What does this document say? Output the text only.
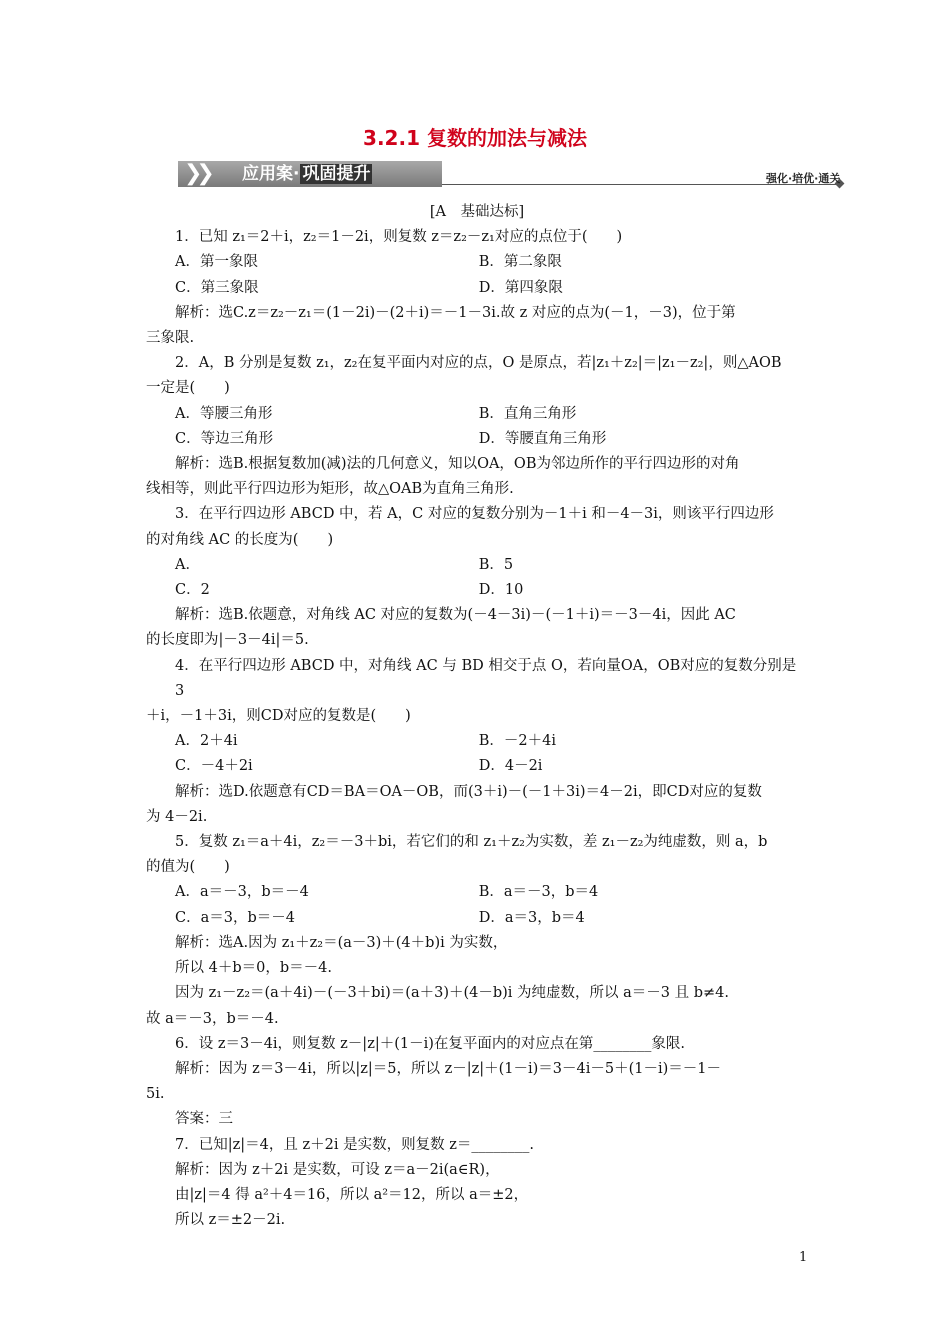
3.2.1 复数的加法与减法
❯❯ 应用案· 巩固提升	强化·培优·通关

[A　基础达标]

1．已知 z₁＝2＋i，z₂＝1－2i，则复数 z＝z₂－z₁对应的点位于(　　)

A．第一象限	B．第二象限
C．第三象限	D．第四象限

解析：选C.z＝z₂－z₁＝(1－2i)－(2＋i)＝－1－3i.故 z 对应的点为(－1，－3)，位于第

三象限.

2．A，B 分别是复数 z₁，z₂在复平面内对应的点，O 是原点，若|z₁＋z₂|＝|z₁－z₂|，则△AOB

一定是(　　)

A．等腰三角形	B．直角三角形
C．等边三角形	D．等腰直角三角形

解析：选B.根据复数加(减)法的几何意义，知以OA，OB为邻边所作的平行四边形的对角

线相等，则此平行四边形为矩形，故△OAB为直角三角形.

3．在平行四边形 ABCD 中，若 A，C 对应的复数分别为－1＋i 和－4－3i，则该平行四边形

的对角线 AC 的长度为(　　)

A．	B．5
C．2	D．10

解析：选B.依题意，对角线 AC 对应的复数为(－4－3i)－(－1＋i)＝－3－4i，因此 AC

的长度即为|－3－4i|＝5.

4．在平行四边形 ABCD 中，对角线 AC 与 BD 相交于点 O，若向量OA，OB对应的复数分别是 3

＋i，－1＋3i，则CD对应的复数是(　　)

A．2＋4i	B．－2＋4i
C．－4＋2i	D．4－2i

解析：选D.依题意有CD＝BA＝OA－OB，而(3＋i)－(－1＋3i)＝4－2i，即CD对应的复数

为 4－2i.

5．复数 z₁＝a＋4i，z₂＝－3＋bi，若它们的和 z₁＋z₂为实数，差 z₁－z₂为纯虚数，则 a，b

的值为(　　)

A．a＝－3，b＝－4	B．a＝－3，b＝4
C．a＝3，b＝－4	D．a＝3，b＝4

解析：选A.因为 z₁＋z₂＝(a－3)＋(4＋b)i 为实数，

所以 4＋b＝0，b＝－4.

因为 z₁－z₂＝(a＋4i)－(－3＋bi)＝(a＋3)＋(4－b)i 为纯虚数，所以 a＝－3 且 b≠4.

故 a＝－3，b＝－4.

6．设 z＝3－4i，则复数 z－|z|＋(1－i)在复平面内的对应点在第________象限.

解析：因为 z＝3－4i，所以|z|＝5，所以 z－|z|＋(1－i)＝3－4i－5＋(1－i)＝－1－

5i.

答案：三

7．已知|z|＝4，且 z＋2i 是实数，则复数 z＝________.

解析：因为 z＋2i 是实数，可设 z＝a－2i(a∈R)，

由|z|＝4 得 a²＋4＝16，所以 a²＝12，所以 a＝±2，

所以 z＝±2－2i.

1
